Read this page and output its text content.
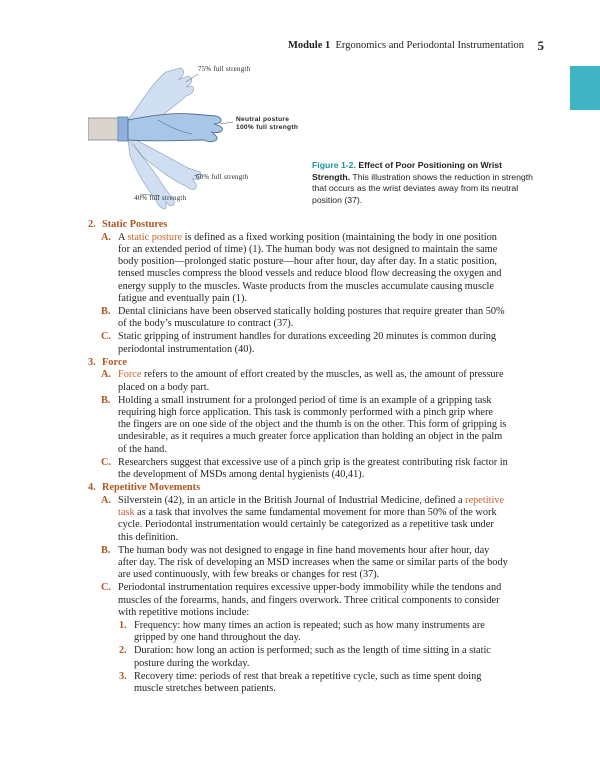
Module 1 Ergonomics and Periodontal Instrumentation 5
75% full strength
Neutral posture
100% full strength
60% full strength
40% full strength
Figure 1-2. Effect of Poor Positioning on Wrist Strength. This illustration shows the reduction in strength that occurs as the wrist deviates away from its neutral position (37).
2. Static Postures
A. A static posture is defined as a fixed working position (maintaining the body in one position for an extended period of time) (1). The human body was not designed to maintain the same body position—prolonged static posture—hour after hour, day after day. In a static position, tensed muscles compress the blood vessels and reduce blood flow decreasing the oxygen and energy supply to the muscles. Waste products from the muscles accumulate causing muscle fatigue and eventually pain (1).
B. Dental clinicians have been observed statically holding postures that require greater than 50% of the body’s musculature to contract (37).
C. Static gripping of instrument handles for durations exceeding 20 minutes is common during periodontal instrumentation (40).
3. Force
A. Force refers to the amount of effort created by the muscles, as well as, the amount of pressure placed on a body part.
B. Holding a small instrument for a prolonged period of time is an example of a gripping task requiring high force application. This task is commonly performed with a pinch grip where the fingers are on one side of the object and the thumb is on the other. This form of gripping is undesirable, as it requires a much greater force application than holding an object in the palm of the hand.
C. Researchers suggest that excessive use of a pinch grip is the greatest contributing risk factor in the development of MSDs among dental hygienists (40,41).
4. Repetitive Movements
A. Silverstein (42), in an article in the British Journal of Industrial Medicine, defined a repetitive task as a task that involves the same fundamental movement for more than 50% of the work cycle. Periodontal instrumentation would certainly be categorized as a repetitive task under this definition.
B. The human body was not designed to engage in fine hand movements hour after hour, day after day. The risk of developing an MSD increases when the same or similar parts of the body are used continuously, with few breaks or changes for rest (37).
C. Periodontal instrumentation requires excessive upper-body immobility while the tendons and muscles of the forearms, hands, and fingers overwork. Three critical components to consider with repetitive motions include:
1. Frequency: how many times an action is repeated; such as how many instruments are gripped by one hand throughout the day.
2. Duration: how long an action is performed; such as the length of time sitting in a static posture during the workday.
3. Recovery time: periods of rest that break a repetitive cycle, such as time spent doing muscle stretches between patients.
